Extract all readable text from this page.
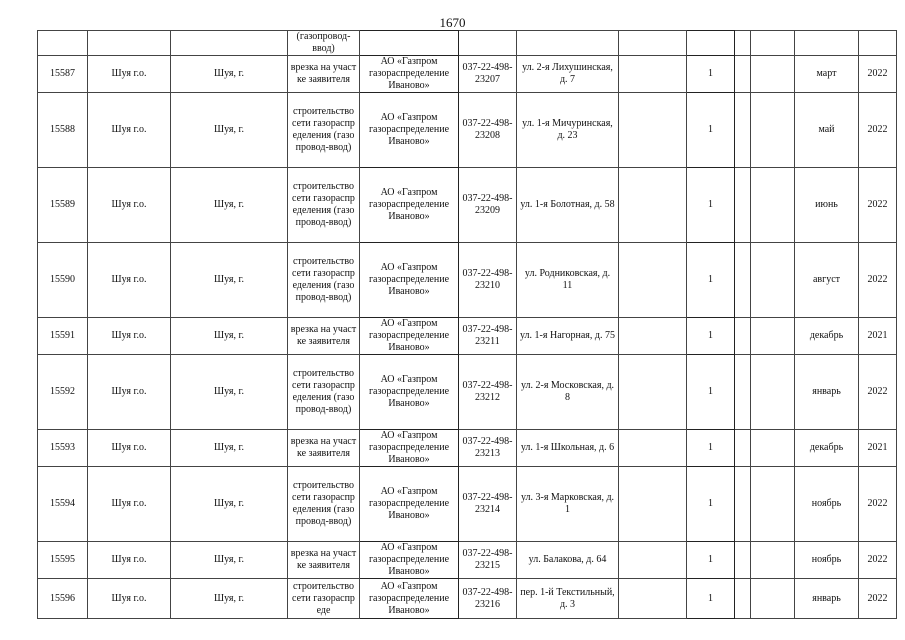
1670
			(газопровод-ввод)									
15587	Шуя г.о.	Шуя, г.	врезка на участке заявителя	АО «Газпром газораспределение Иваново»	037-22-498-23207	ул. 2-я Лихушинская, д. 7		1			март	2022
15588	Шуя г.о.	Шуя, г.	строительство сети газораспределения (газопровод-ввод)	АО «Газпром газораспределение Иваново»	037-22-498-23208	ул. 1-я Мичуринская, д. 23		1			май	2022
15589	Шуя г.о.	Шуя, г.	строительство сети газораспределения (газопровод-ввод)	АО «Газпром газораспределение Иваново»	037-22-498-23209	ул. 1-я Болотная, д. 58		1			июнь	2022
15590	Шуя г.о.	Шуя, г.	строительство сети газораспределения (газопровод-ввод)	АО «Газпром газораспределение Иваново»	037-22-498-23210	ул. Родниковская, д. 11		1			август	2022
15591	Шуя г.о.	Шуя, г.	врезка на участке заявителя	АО «Газпром газораспределение Иваново»	037-22-498-23211	ул. 1-я Нагорная, д. 75		1			декабрь	2021
15592	Шуя г.о.	Шуя, г.	строительство сети газораспределения (газопровод-ввод)	АО «Газпром газораспределение Иваново»	037-22-498-23212	ул. 2-я Московская, д. 8		1			январь	2022
15593	Шуя г.о.	Шуя, г.	врезка на участке заявителя	АО «Газпром газораспределение Иваново»	037-22-498-23213	ул. 1-я Школьная, д. 6		1			декабрь	2021
15594	Шуя г.о.	Шуя, г.	строительство сети газораспределения (газопровод-ввод)	АО «Газпром газораспределение Иваново»	037-22-498-23214	ул. 3-я Марковская, д. 1		1			ноябрь	2022
15595	Шуя г.о.	Шуя, г.	врезка на участке заявителя	АО «Газпром газораспределение Иваново»	037-22-498-23215	ул. Балакова, д. 64		1			ноябрь	2022
15596	Шуя г.о.	Шуя, г.	строительство сети газораспреде	АО «Газпром газораспределение Иваново»	037-22-498-23216	пер. 1-й Текстильный, д. 3		1			январь	2022
